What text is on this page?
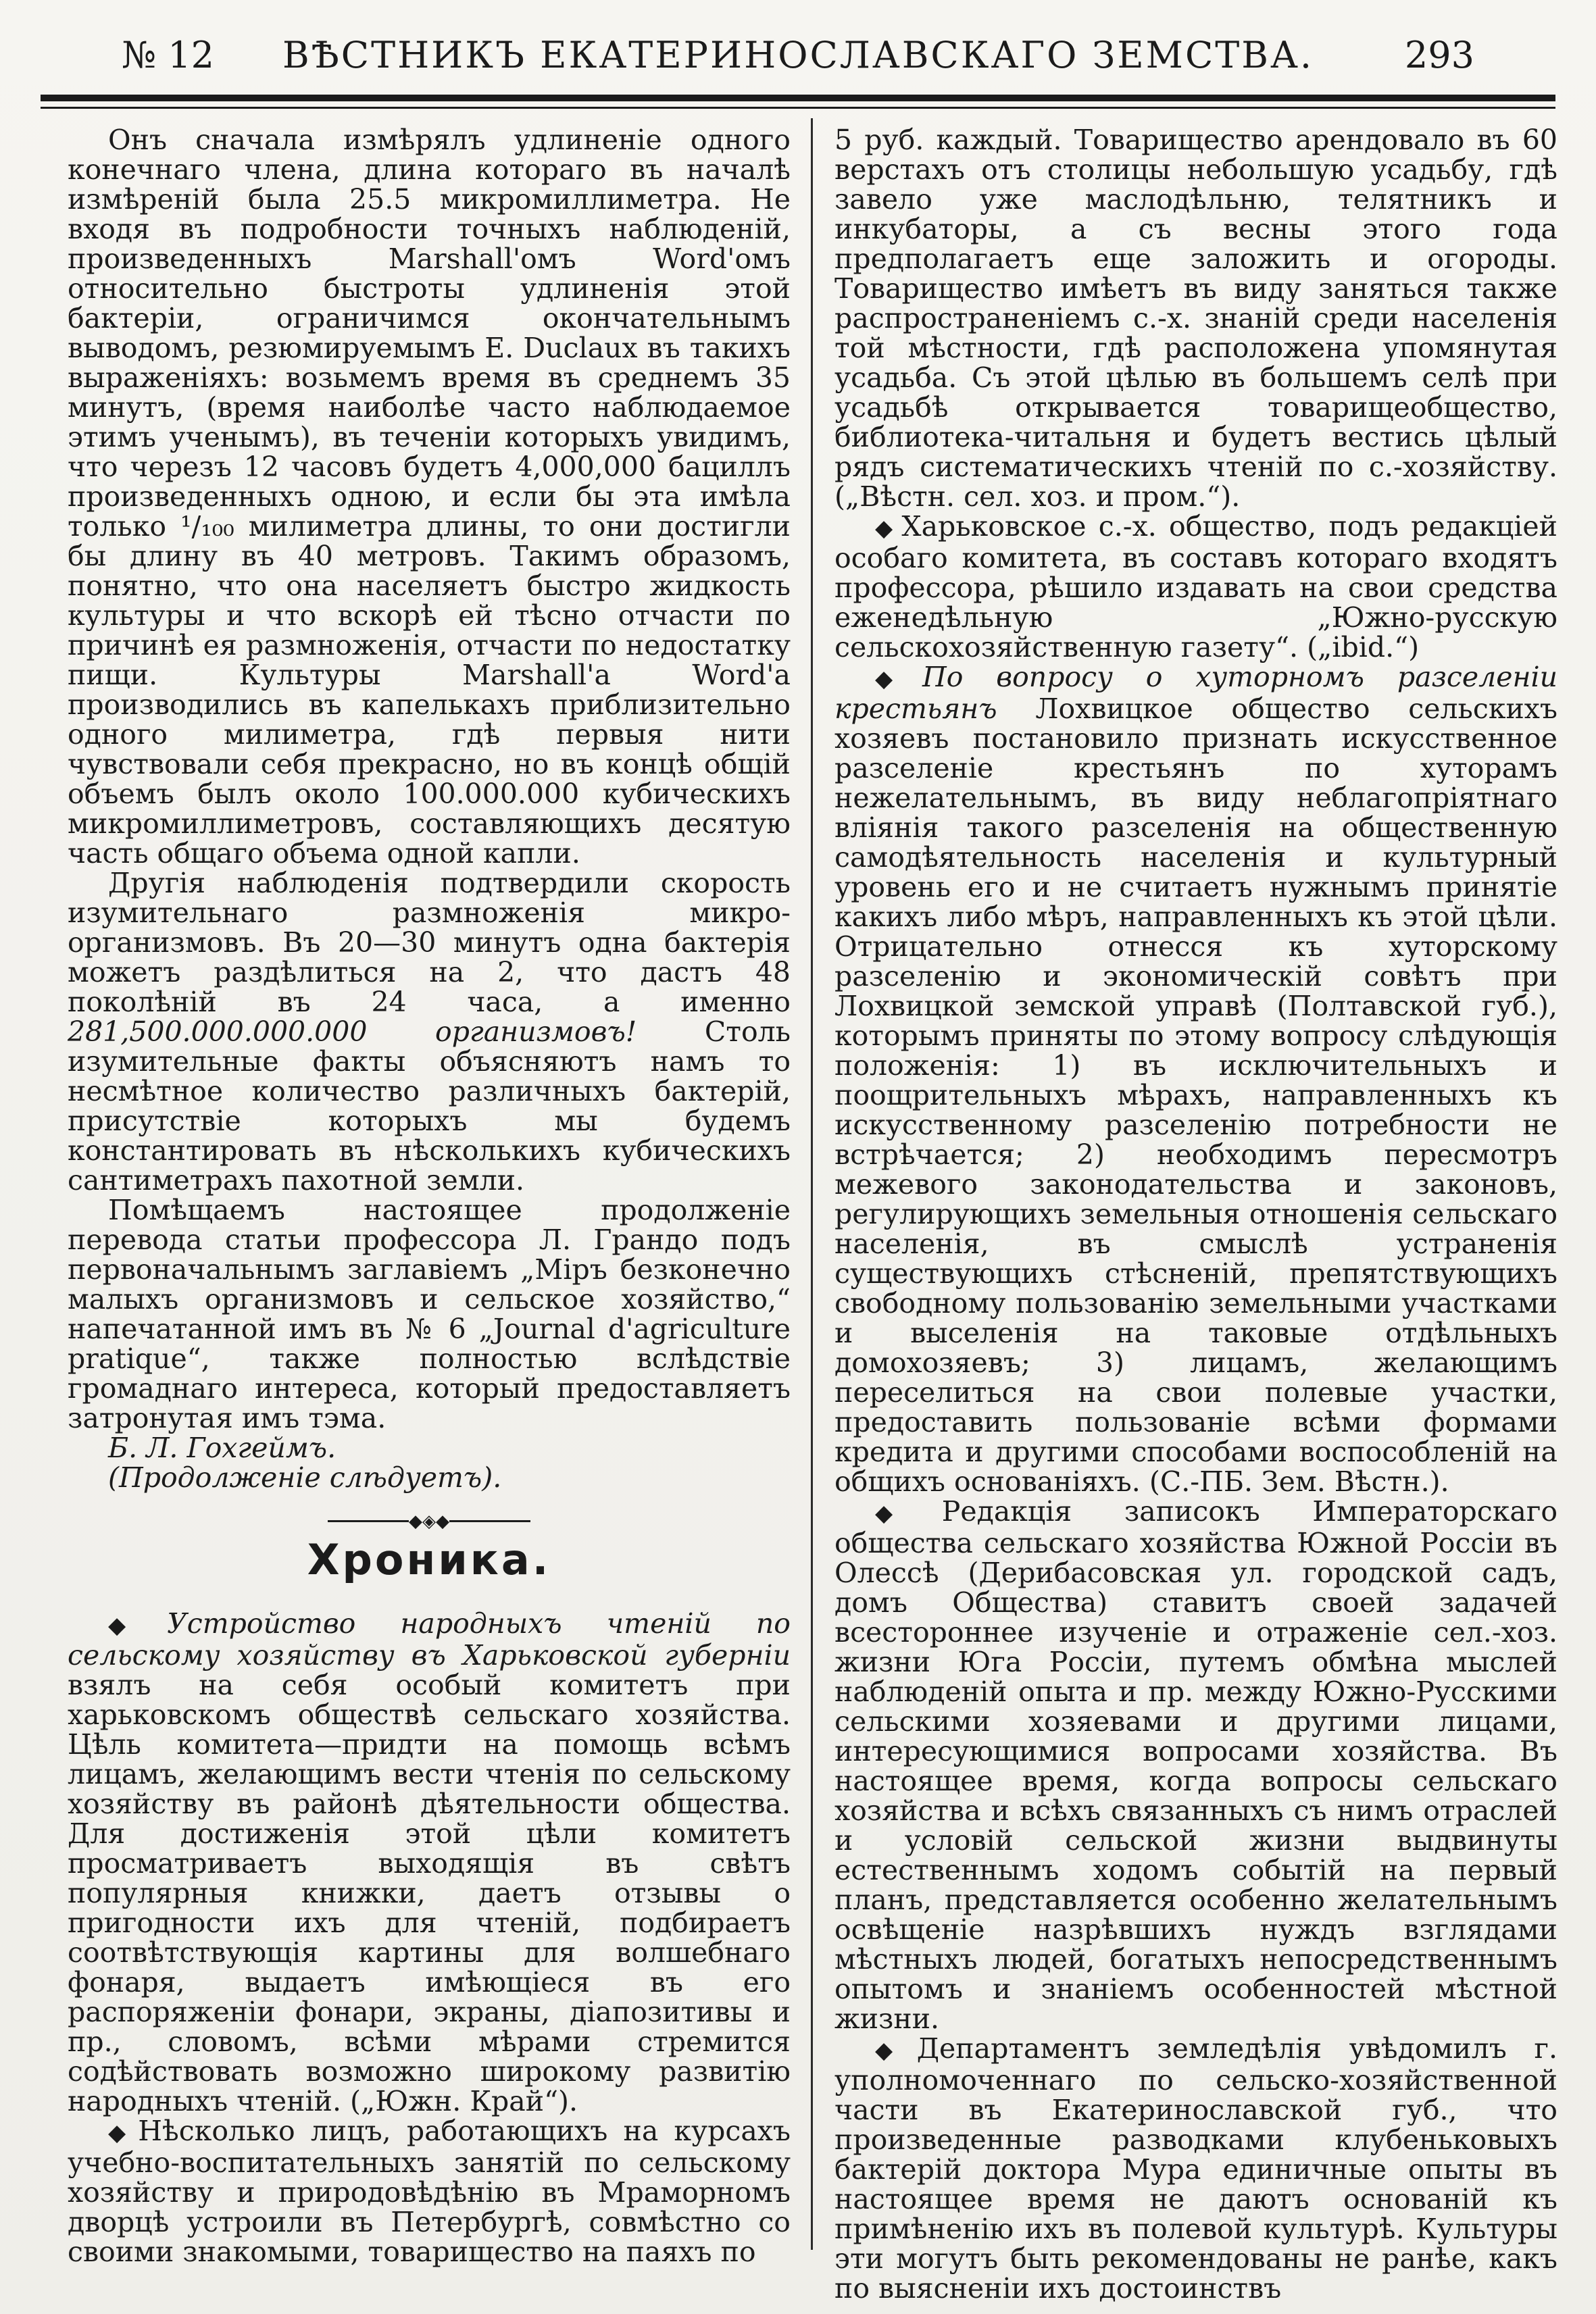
№ 12	ВѢСТНИКЪ ЕКАТЕРИНОСЛАВСКАГО ЗЕМСТВА.	293

Онъ сначала измѣрялъ удлиненіе одного конечнаго члена, длина котораго въ началѣ измѣреній была 25.5 микромиллиметра. Не входя въ подробности точныхъ наблюденій, произведенныхъ Marshall'омъ Word'омъ относительно быстроты удлиненія этой бактеріи, ограничимся окончательнымъ выводомъ, резюмируемымъ E. Duclaux въ такихъ выраженіяхъ: возьмемъ время въ среднемъ 35 минутъ, (время наиболѣе часто наблюдаемое этимъ ученымъ), въ теченіи которыхъ увидимъ, что черезъ 12 часовъ будетъ 4,000,000 бациллъ произведенныхъ одною, и если бы эта имѣла только ¹/₁₀₀ милиметра длины, то они достигли бы длину въ 40 метровъ. Такимъ образомъ, понятно, что она населяетъ быстро жидкость культуры и что вскорѣ ей тѣсно отчасти по причинѣ ея размноженія, отчасти по недостатку пищи. Культуры Marshall'a Word'a производились въ капелькахъ приблизительно одного милиметра, гдѣ первыя нити чувствовали себя прекрасно, но въ концѣ общій объемъ былъ около 100.000.000 кубическихъ микромиллиметровъ, составляющихъ десятую часть общаго объема одной капли.

Другія наблюденія подтвердили скорость изумительнаго размноженія микро-организмовъ. Въ 20—30 минутъ одна бактерія можетъ раздѣлиться на 2, что дастъ 48 поколѣній въ 24 часа, а именно 281,500.000.000.000 организмовъ! Столь изумительные факты объясняютъ намъ то несмѣтное количество различныхъ бактерій, присутствіе которыхъ мы будемъ константировать въ нѣсколькихъ кубическихъ сантиметрахъ пахотной земли.

Помѣщаемъ настоящее продолженіе перевода статьи профессора Л. Грандо подъ первоначальнымъ заглавіемъ „Міръ безконечно малыхъ организмовъ и сельское хозяйство,“ напечатанной имъ въ № 6 „Journal d'agriculture pratique“, также полностью вслѣдствіе громаднаго интереса, который предоставляетъ затронутая имъ тэма.

Б. Л. Гохгеймъ.

(Продолженіе слѣдуетъ).

◆◈◆
Хроника.

◆ Устройство народныхъ чтеній по сельскому хозяйству въ Харьковской губерніи взялъ на себя особый комитетъ при харьковскомъ обществѣ сельскаго хозяйства. Цѣль комитета—придти на помощь всѣмъ лицамъ, желающимъ вести чтенія по сельскому хозяйству въ районѣ дѣятельности общества. Для достиженія этой цѣли комитетъ просматриваетъ выходящія въ свѣтъ популярныя книжки, даетъ отзывы о пригодности ихъ для чтеній, подбираетъ соотвѣтствующія картины для волшебнаго фонаря, выдаетъ имѣющіеся въ его распоряженіи фонари, экраны, діапозитивы и пр., словомъ, всѣми мѣрами стремится содѣйствовать возможно широкому развитію народныхъ чтеній. („Южн. Край“).

◆ Нѣсколько лицъ, работающихъ на курсахъ учебно-воспитательныхъ занятій по сельскому хозяйству и природовѣдѣнію въ Мраморномъ дворцѣ устроили въ Петербургѣ, совмѣстно со своими знакомыми, товарищество на паяхъ по

5 руб. каждый. Товарищество арендовало въ 60 верстахъ отъ столицы небольшую усадьбу, гдѣ завело уже маслодѣльню, телятникъ и инкубаторы, а съ весны этого года предполагаетъ еще заложить и огороды. Товарищество имѣетъ въ виду заняться также распространеніемъ с.-х. знаній среди населенія той мѣстности, гдѣ расположена упомянутая усадьба. Съ этой цѣлью въ большемъ селѣ при усадьбѣ открывается товарищеобщество, библиотека-читальня и будетъ вестись цѣлый рядъ систематическихъ чтеній по с.-хозяйству. („Вѣстн. сел. хоз. и пром.“).

◆ Харьковское с.-х. общество, подъ редакціей особаго комитета, въ составъ котораго входятъ профессора, рѣшило издавать на свои средства еженедѣльную „Южно-русскую сельскохозяйственную газету“. („ibid.“)

◆ По вопросу о хуторномъ разселеніи крестьянъ Лохвицкое общество сельскихъ хозяевъ постановило признать искусственное разселеніе крестьянъ по хуторамъ нежелательнымъ, въ виду неблагопріятнаго вліянія такого разселенія на общественную самодѣятельность населенія и культурный уровень его и не считаетъ нужнымъ принятіе какихъ либо мѣръ, направленныхъ къ этой цѣли. Отрицательно отнесся къ хуторскому разселенію и экономическій совѣтъ при Лохвицкой земской управѣ (Полтавской губ.), которымъ приняты по этому вопросу слѣдующія положенія: 1) въ исключительныхъ и поощрительныхъ мѣрахъ, направленныхъ къ искусственному разселенію потребности не встрѣчается; 2) необходимъ пересмотръ межевого законодательства и законовъ, регулирующихъ земельныя отношенія сельскаго населенія, въ смыслѣ устраненія существующихъ стѣсненій, препятствующихъ свободному пользованію земельными участками и выселенія на таковые отдѣльныхъ домохозяевъ; 3) лицамъ, желающимъ переселиться на свои полевые участки, предоставить пользованіе всѣми формами кредита и другими способами воспособленій на общихъ основаніяхъ. (С.-ПБ. Зем. Вѣстн.).

◆ Редакція записокъ Императорскаго общества сельскаго хозяйства Южной Россіи въ Олессѣ (Дерибасовская ул. городской садъ, домъ Общества) ставитъ своей задачей всестороннее изученіе и отраженіе сел.-хоз. жизни Юга Россіи, путемъ обмѣна мыслей наблюденій опыта и пр. между Южно-Русскими сельскими хозяевами и другими лицами, интересующимися вопросами хозяйства. Въ настоящее время, когда вопросы сельскаго хозяйства и всѣхъ связанныхъ съ нимъ отраслей и условій сельской жизни выдвинуты естественнымъ ходомъ событій на первый планъ, представляется особенно желательнымъ освѣщеніе назрѣвшихъ нуждъ взглядами мѣстныхъ людей, богатыхъ непосредственнымъ опытомъ и знаніемъ особенностей мѣстной жизни.

◆ Департаментъ земледѣлія увѣдомилъ г. уполномоченнаго по сельско-хозяйственной части въ Екатеринославской губ., что произведенные разводками клубеньковыхъ бактерій доктора Мура единичные опыты въ настоящее время не даютъ основаній къ примѣненію ихъ въ полевой культурѣ. Культуры эти могутъ быть рекомендованы не ранѣе, какъ по выясненіи ихъ достоинствъ
